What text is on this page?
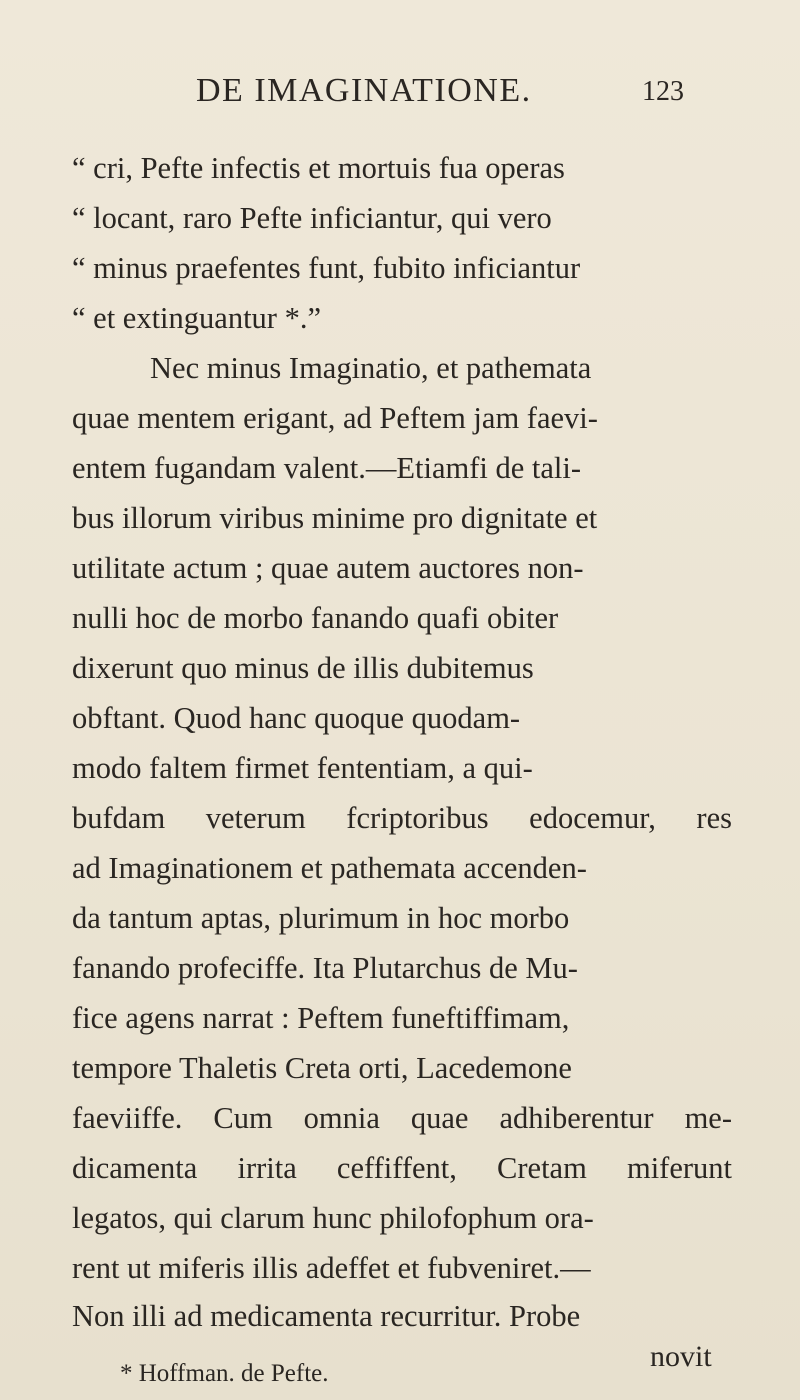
DE IMAGINATIONE.	123
“ cri, Pefte infectis et mortuis fua operas
“ locant, raro Pefte inficiantur, qui vero
“ minus praefentes funt, fubito inficiantur
“ et extinguantur *.”
Nec minus Imaginatio, et pathemata
quae mentem erigant, ad Peftem jam faevi-
entem fugandam valent.—Etiamfi de tali-
bus illorum viribus minime pro dignitate et
utilitate actum ; quae autem auctores non-
nulli hoc de morbo fanando quafi obiter
dixerunt quo minus de illis dubitemus
obftant. Quod hanc quoque quodam-
modo faltem firmet fententiam, a qui-
bufdam veterum fcriptoribus edocemur, res
ad Imaginationem et pathemata accenden-
da tantum aptas, plurimum in hoc morbo
fanando profeciffe. Ita Plutarchus de Mu-
fice agens narrat : Peftem funeftiffimam,
tempore Thaletis Creta orti, Lacedemone
faeviiffe. Cum omnia quae adhiberentur me-
dicamenta irrita ceffiffent, Cretam miferunt
legatos, qui clarum hunc philofophum ora-
rent ut miferis illis adeffet et fubveniret.—
Non illi ad medicamenta recurritur. Probe
novit
* Hoffman. de Pefte.
